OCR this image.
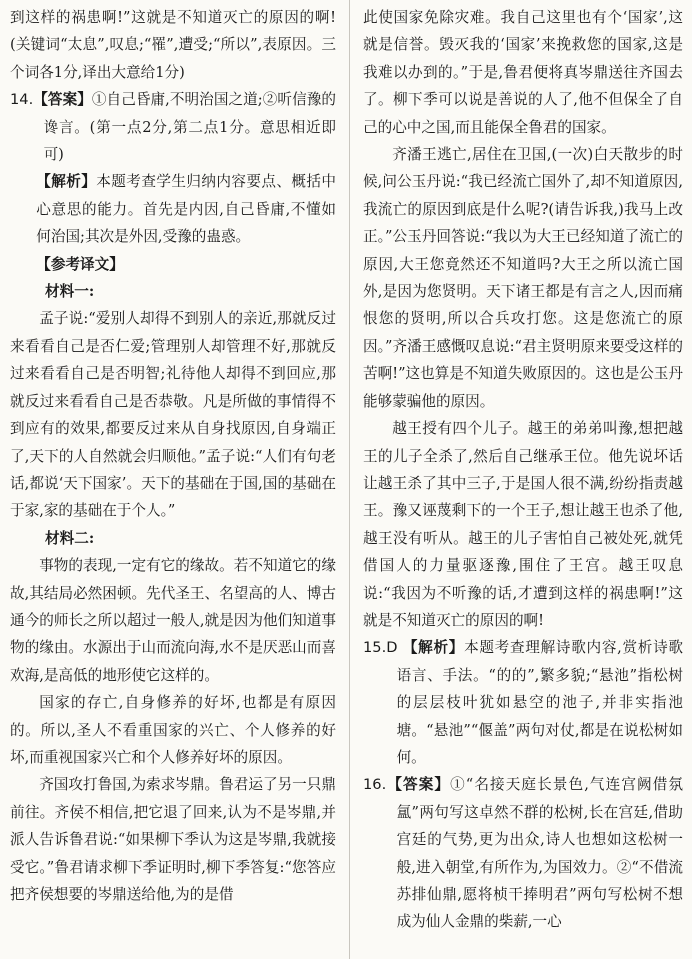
到这样的祸患啊!”这就是不知道灭亡的原因的啊!(关键词“太息”,叹息;“罹”,遭受;“所以”,表原因。三个词各1分,译出大意给1分)

14.【答案】①自己昏庸,不明治国之道;②听信豫的谗言。(第一点2分,第二点1分。意思相近即可)

【解析】本题考查学生归纳内容要点、概括中心意思的能力。首先是内因,自己昏庸,不懂如何治国;其次是外因,受豫的蛊惑。

【参考译文】

材料一:

孟子说:“爱别人却得不到别人的亲近,那就反过来看看自己是否仁爱;管理别人却管理不好,那就反过来看看自己是否明智;礼待他人却得不到回应,那就反过来看看自己是否恭敬。凡是所做的事情得不到应有的效果,都要反过来从自身找原因,自身端正了,天下的人自然就会归顺他。”孟子说:“人们有句老话,都说‘天下国家’。天下的基础在于国,国的基础在于家,家的基础在于个人。”

材料二:

事物的表现,一定有它的缘故。若不知道它的缘故,其结局必然困顿。先代圣王、名望高的人、博古通今的师长之所以超过一般人,就是因为他们知道事物的缘由。水源出于山而流向海,水不是厌恶山而喜欢海,是高低的地形使它这样的。

国家的存亡,自身修养的好坏,也都是有原因的。所以,圣人不看重国家的兴亡、个人修养的好坏,而重视国家兴亡和个人修养好坏的原因。

齐国攻打鲁国,为索求岑鼎。鲁君运了另一只鼎前往。齐侯不相信,把它退了回来,认为不是岑鼎,并派人告诉鲁君说:“如果柳下季认为这是岑鼎,我就接受它。”鲁君请求柳下季证明时,柳下季答复:“您答应把齐侯想要的岑鼎送给他,为的是借

此使国家免除灾难。我自己这里也有个‘国家’,这就是信誉。毁灭我的‘国家’来挽救您的国家,这是我难以办到的。”于是,鲁君便将真岑鼎送往齐国去了。柳下季可以说是善说的人了,他不但保全了自己的心中之国,而且能保全鲁君的国家。

齐潘王逃亡,居住在卫国,(一次)白天散步的时候,问公玉丹说:“我已经流亡国外了,却不知道原因,我流亡的原因到底是什么呢?(请告诉我,)我马上改正。”公玉丹回答说:“我以为大王已经知道了流亡的原因,大王您竟然还不知道吗?大王之所以流亡国外,是因为您贤明。天下诸王都是有言之人,因而痛恨您的贤明,所以合兵攻打您。这是您流亡的原因。”齐潘王感慨叹息说:“君主贤明原来要受这样的苦啊!”这也算是不知道失败原因的。这也是公玉丹能够蒙骗他的原因。

越王授有四个儿子。越王的弟弟叫豫,想把越王的儿子全杀了,然后自己继承王位。他先说坏话让越王杀了其中三子,于是国人很不满,纷纷指责越王。豫又诬蔑剩下的一个王子,想让越王也杀了他,越王没有听从。越王的儿子害怕自己被处死,就凭借国人的力量驱逐豫,围住了王宫。越王叹息说:“我因为不听豫的话,才遭到这样的祸患啊!”这就是不知道灭亡的原因的啊!

15.D 【解析】本题考查理解诗歌内容,赏析诗歌语言、手法。“的的”,繁多貌;“悬池”指松树的层层枝叶犹如悬空的池子,并非实指池塘。“悬池”“偃盖”两句对仗,都是在说松树如何。

16.【答案】①“名接天庭长景色,气连宫阙借氛氲”两句写这卓然不群的松树,长在宫廷,借助宫廷的气势,更为出众,诗人也想如这松树一般,进入朝堂,有所作为,为国效力。②“不借流苏排仙鼎,愿将桢干捧明君”两句写松树不想成为仙人金鼎的柴薪,一心
